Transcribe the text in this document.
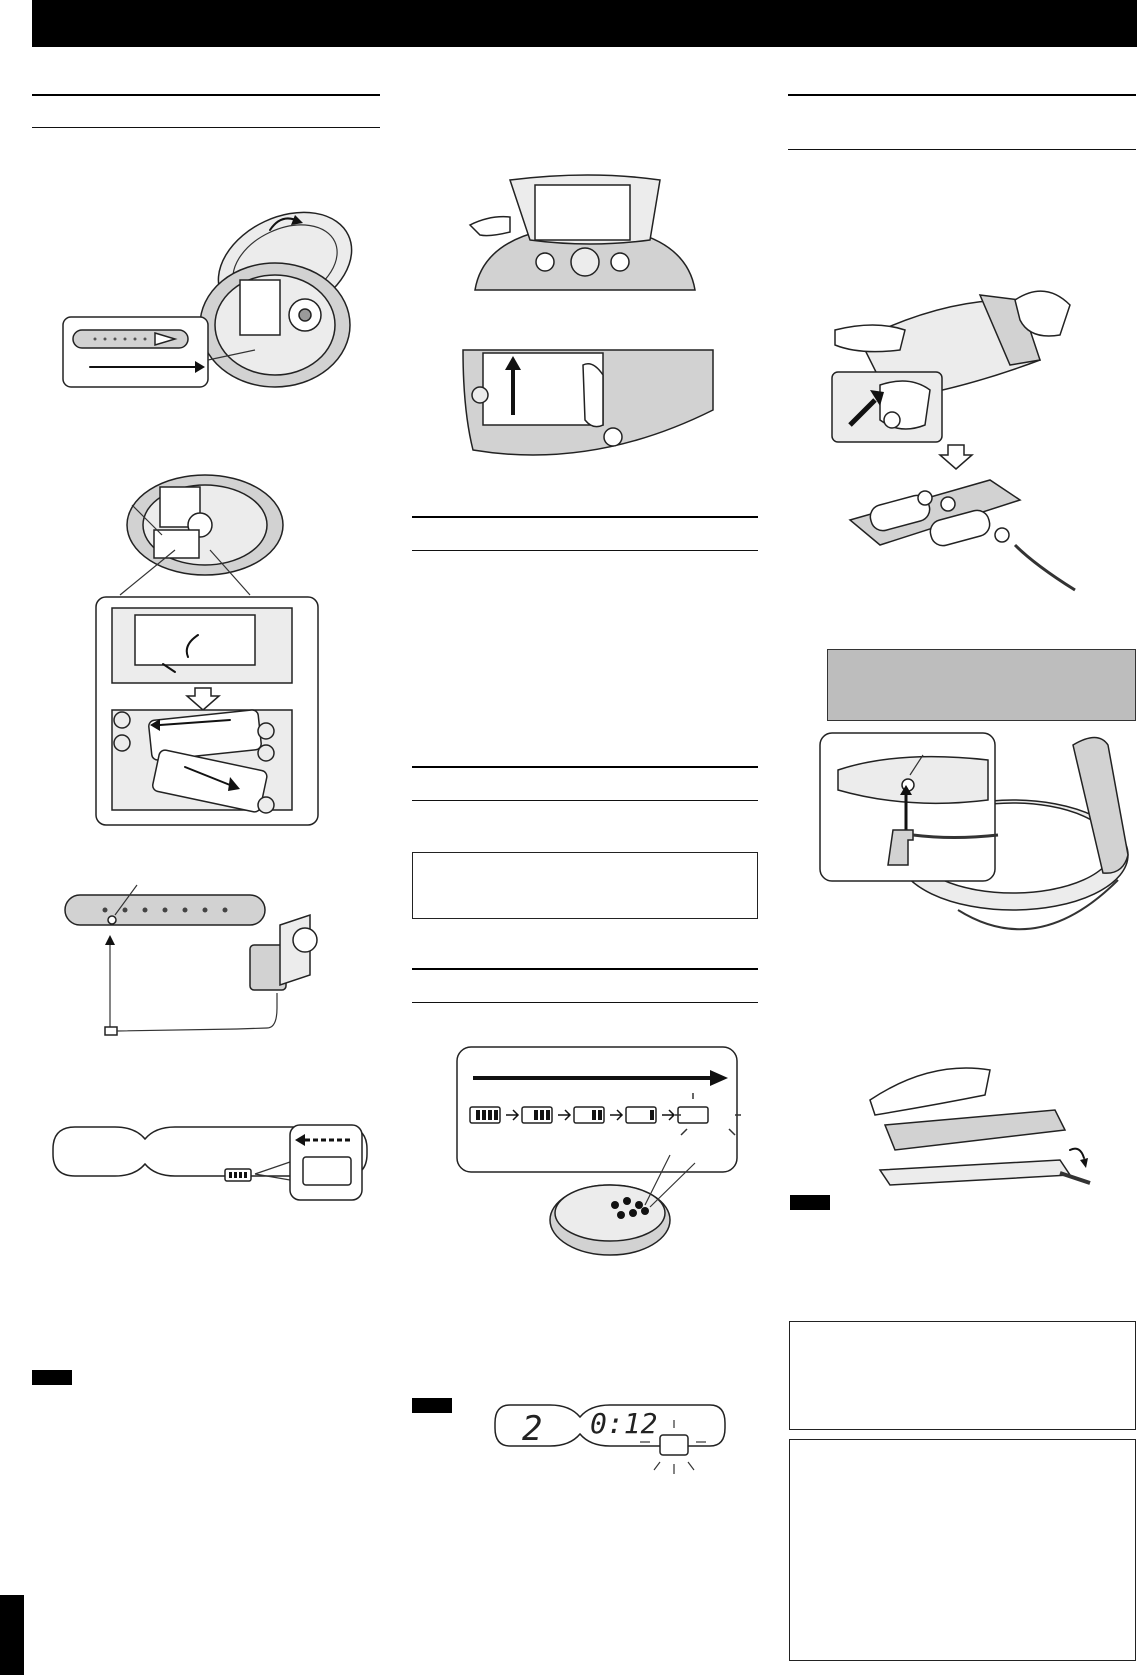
2 0:12
